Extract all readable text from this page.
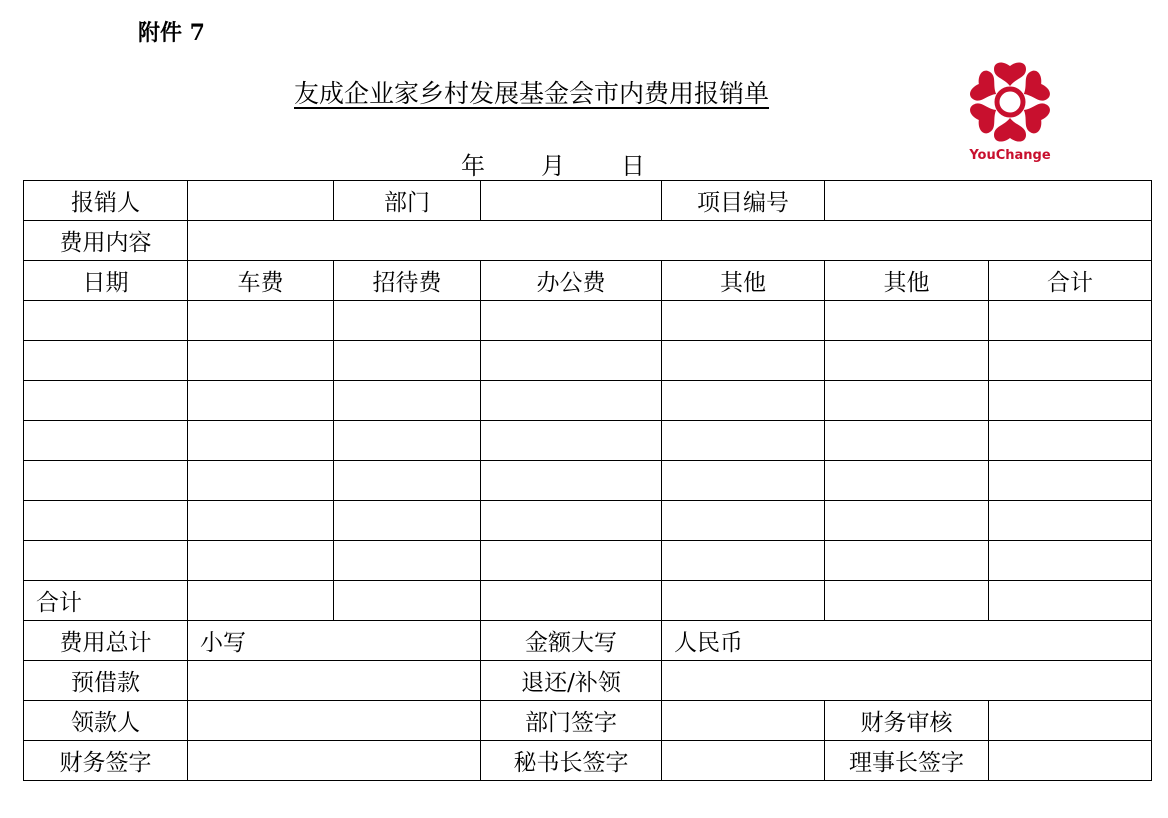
附件 7
友成企业家乡村发展基金会市内费用报销单
年 月 日	YouChange
报销人		部门		项目编号		
费用内容						
日期	车费	招待费	办公费	其他	其他	合计

合计						
费用总计	小写		金额大写	人民币		
预借款			退还/补领			
领款人			部门签字		财务审核	
财务签字			秘书长签字		理事长签字	
